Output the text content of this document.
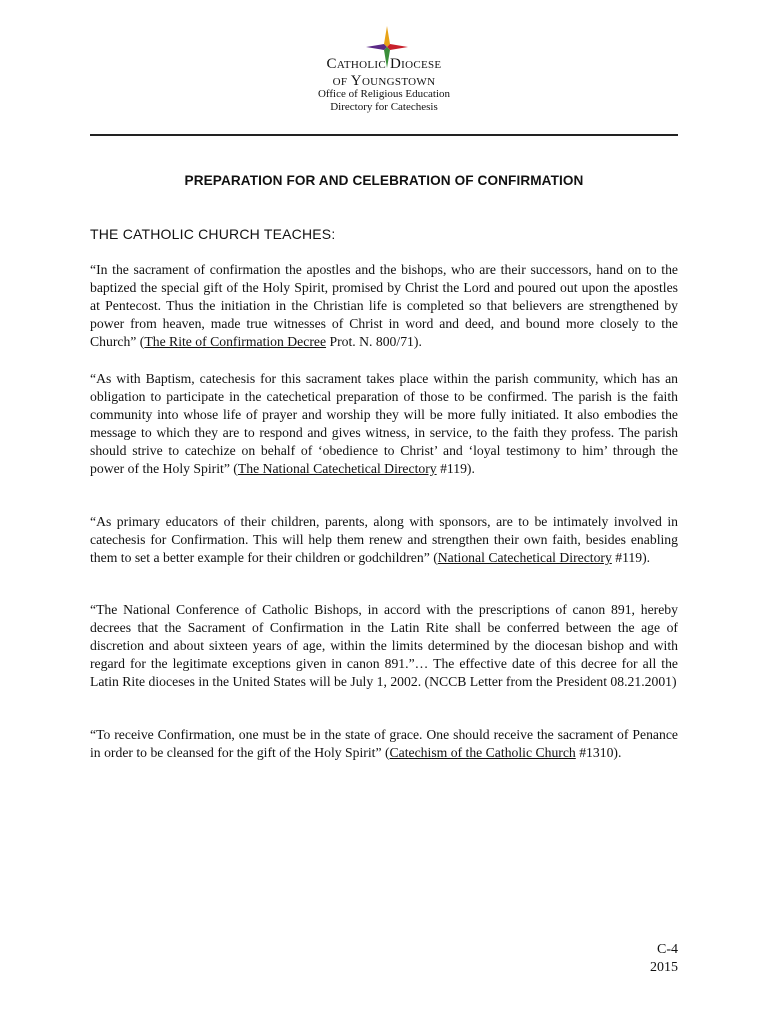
Catholic Diocese
of Youngstown
Office of Religious Education
Directory for Catechesis
PREPARATION FOR AND CELEBRATION OF CONFIRMATION
THE CATHOLIC CHURCH TEACHES:

“In the sacrament of confirmation the apostles and the bishops, who are their successors, hand on to the baptized the special gift of the Holy Spirit, promised by Christ the Lord and poured out upon the apostles at Pentecost. Thus the initiation in the Christian life is completed so that believers are strengthened by power from heaven, made true witnesses of Christ in word and deed, and bound more closely to the Church” (The Rite of Confirmation Decree Prot. N. 800/71).

“As with Baptism, catechesis for this sacrament takes place within the parish community, which has an obligation to participate in the catechetical preparation of those to be confirmed. The parish is the faith community into whose life of prayer and worship they will be more fully initiated. It also embodies the message to which they are to respond and gives witness, in service, to the faith they profess. The parish should strive to catechize on behalf of ‘obedience to Christ’ and ‘loyal testimony to him’ through the power of the Holy Spirit” (The National Catechetical Directory #119).

“As primary educators of their children, parents, along with sponsors, are to be intimately involved in catechesis for Confirmation. This will help them renew and strengthen their own faith, besides enabling them to set a better example for their children or godchildren” (National Catechetical Directory #119).

“The National Conference of Catholic Bishops, in accord with the prescriptions of canon 891, hereby decrees that the Sacrament of Confirmation in the Latin Rite shall be conferred between the age of discretion and about sixteen years of age, within the limits determined by the diocesan bishop and with regard for the legitimate exceptions given in canon 891.”… The effective date of this decree for all the Latin Rite dioceses in the United States will be July 1, 2002. (NCCB Letter from the President 08.21.2001)

“To receive Confirmation, one must be in the state of grace. One should receive the sacrament of Penance in order to be cleansed for the gift of the Holy Spirit” (Catechism of the Catholic Church #1310).

C-4
2015
